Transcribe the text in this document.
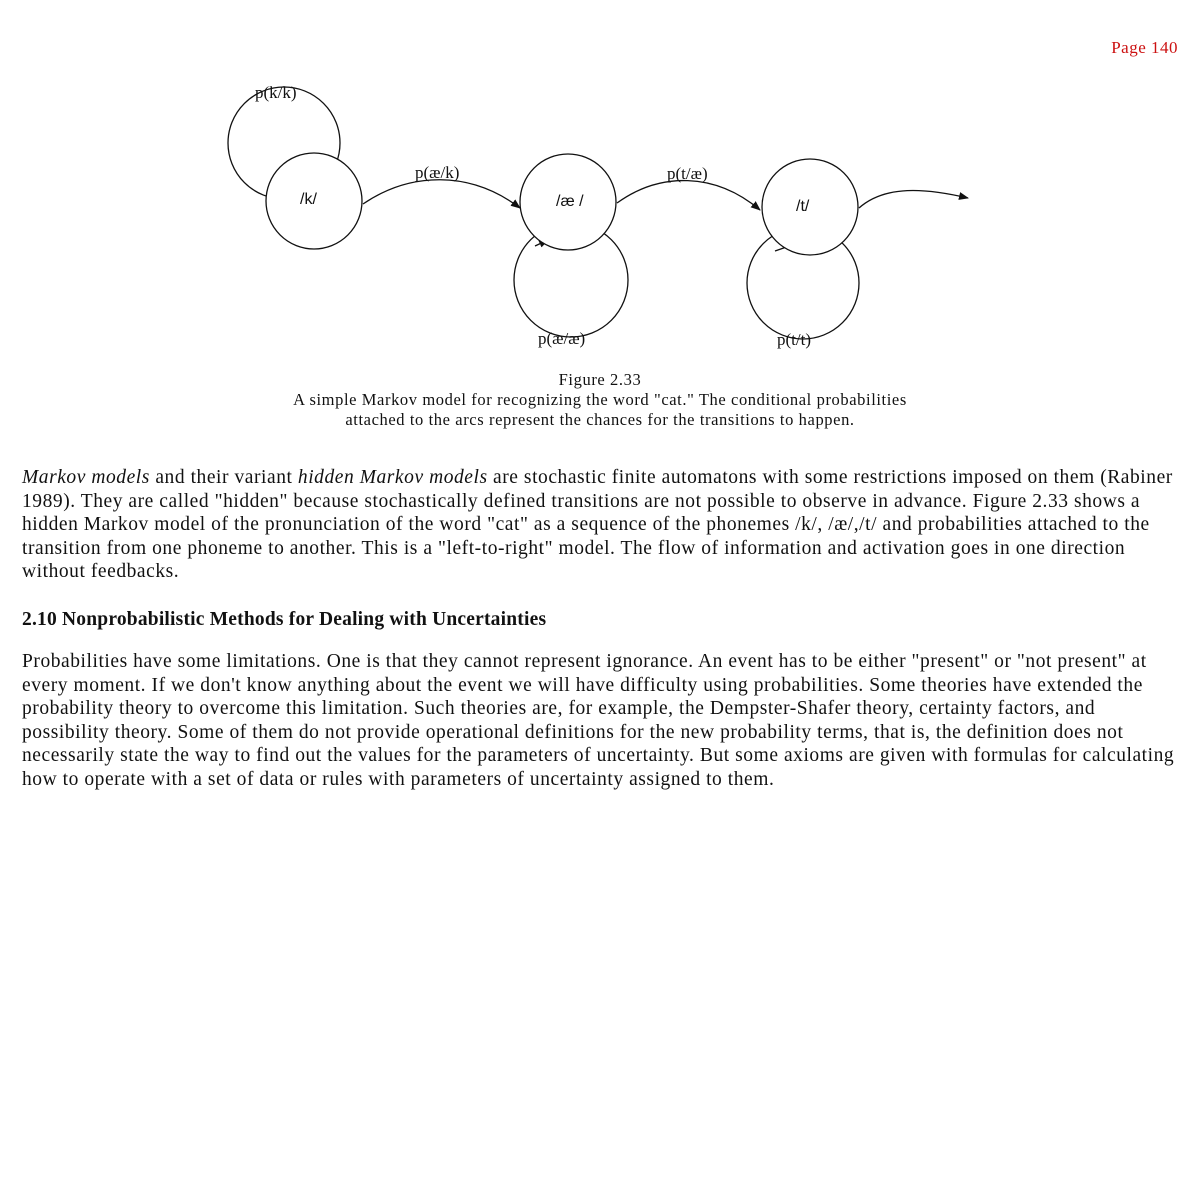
Page 140
p(k/k)
p(æ/æ)	p(t/t)
p(æ/k)	p(t/æ)
/k/	/æ /	/t/
Figure 2.33
A simple Markov model for recognizing the word "cat." The conditional probabilities attached to the arcs represent the chances for the transitions to happen.

Markov models and their variant hidden Markov models are stochastic finite automatons with some restrictions imposed on them (Rabiner 1989). They are called "hidden" because stochastically defined transitions are not possible to observe in advance. Figure 2.33 shows a hidden Markov model of the pronunciation of the word "cat" as a sequence of the phonemes /k/, /æ/,/t/ and probabilities attached to the transition from one phoneme to another. This is a "left-to-right" model. The flow of information and activation goes in one direction without feedbacks.

2.10 Nonprobabilistic Methods for Dealing with Uncertainties

Probabilities have some limitations. One is that they cannot represent ignorance. An event has to be either "present" or "not present" at every moment. If we don't know anything about the event we will have difficulty using probabilities. Some theories have extended the probability theory to overcome this limitation. Such theories are, for example, the Dempster-Shafer theory, certainty factors, and possibility theory. Some of them do not provide operational definitions for the new probability terms, that is, the definition does not necessarily state the way to find out the values for the parameters of uncertainty. But some axioms are given with formulas for calculating how to operate with a set of data or rules with parameters of uncertainty assigned to them.
